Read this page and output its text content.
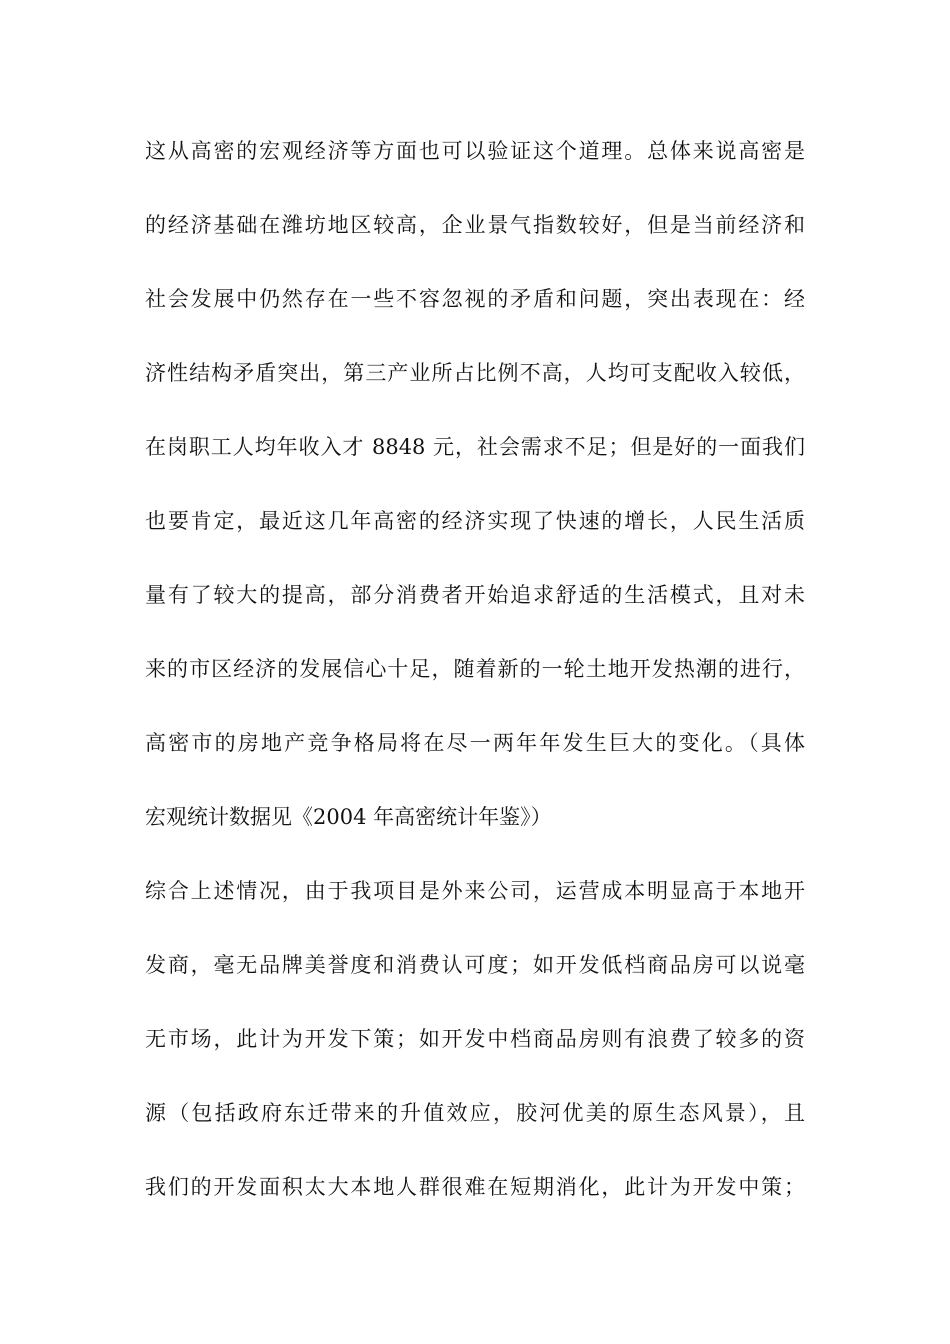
这从高密的宏观经济等方面也可以验证这个道理。总体来说高密是
的经济基础在潍坊地区较高，企业景气指数较好，但是当前经济和
社会发展中仍然存在一些不容忽视的矛盾和问题，突出表现在：经
济性结构矛盾突出，第三产业所占比例不高，人均可支配收入较低，
在岗职工人均年收入才 8848 元，社会需求不足；但是好的一面我们
也要肯定，最近这几年高密的经济实现了快速的增长，人民生活质
量有了较大的提高，部分消费者开始追求舒适的生活模式，且对未
来的市区经济的发展信心十足，随着新的一轮土地开发热潮的进行，
高密市的房地产竞争格局将在尽一两年年发生巨大的变化。（具体
宏观统计数据见《2004 年高密统计年鉴》）
综合上述情况，由于我项目是外来公司，运营成本明显高于本地开
发商，毫无品牌美誉度和消费认可度；如开发低档商品房可以说毫
无市场，此计为开发下策；如开发中档商品房则有浪费了较多的资
源（包括政府东迁带来的升值效应，胶河优美的原生态风景），且
我们的开发面积太大本地人群很难在短期消化，此计为开发中策；
